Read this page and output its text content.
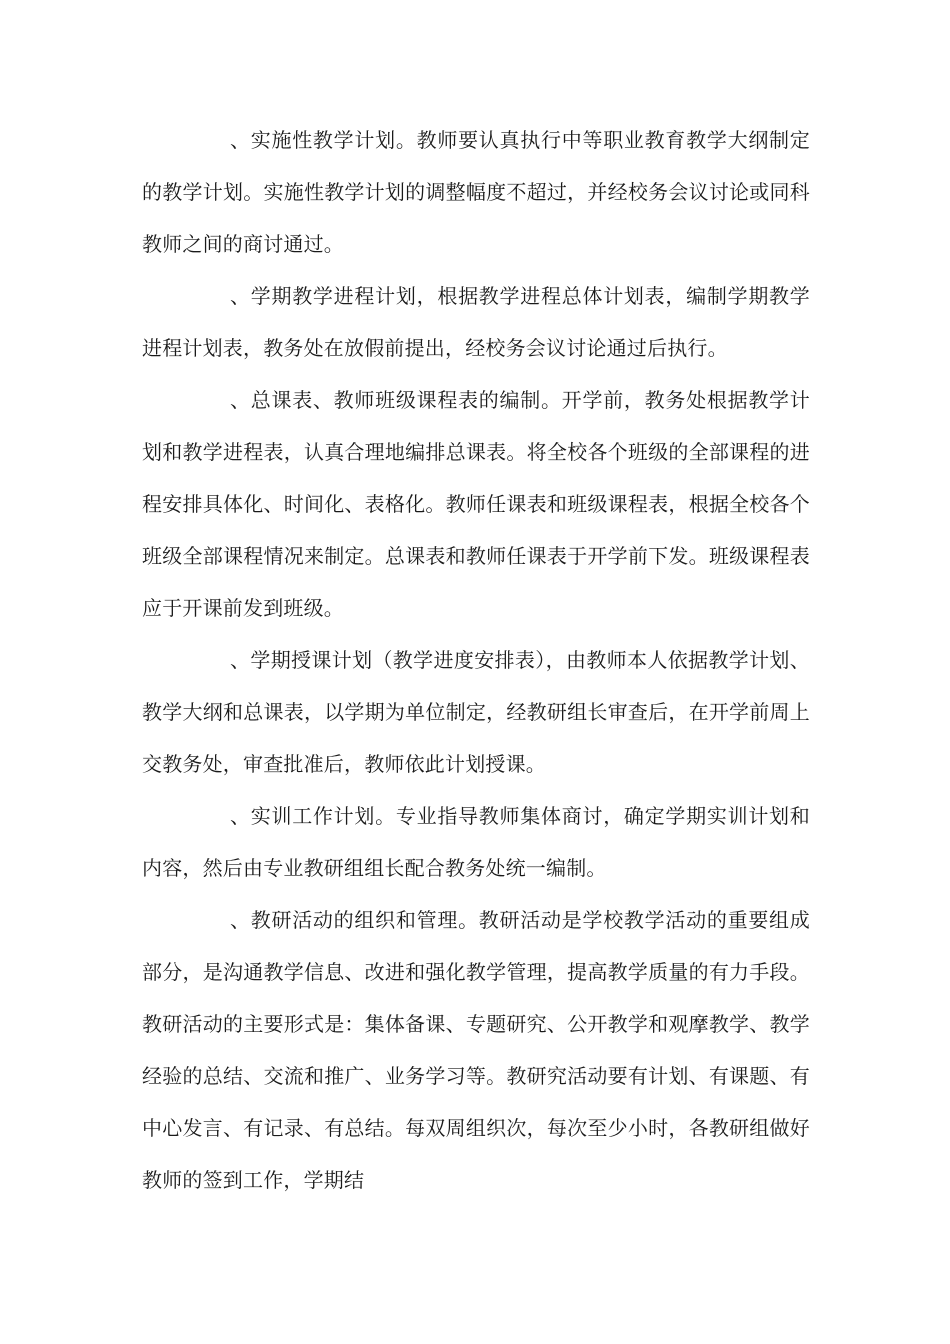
、实施性教学计划。教师要认真执行中等职业教育教学大纲制定的教学计划。实施性教学计划的调整幅度不超过，并经校务会议讨论或同科教师之间的商讨通过。

、学期教学进程计划，根据教学进程总体计划表，编制学期教学进程计划表，教务处在放假前提出，经校务会议讨论通过后执行。

、总课表、教师班级课程表的编制。开学前，教务处根据教学计划和教学进程表，认真合理地编排总课表。将全校各个班级的全部课程的进程安排具体化、时间化、表格化。教师任课表和班级课程表，根据全校各个班级全部课程情况来制定。总课表和教师任课表于开学前下发。班级课程表应于开课前发到班级。

、学期授课计划（教学进度安排表），由教师本人依据教学计划、教学大纲和总课表，以学期为单位制定，经教研组长审查后，在开学前周上交教务处，审查批准后，教师依此计划授课。

、实训工作计划。专业指导教师集体商讨，确定学期实训计划和内容，然后由专业教研组组长配合教务处统一编制。

、教研活动的组织和管理。教研活动是学校教学活动的重要组成部分，是沟通教学信息、改进和强化教学管理，提高教学质量的有力手段。教研活动的主要形式是：集体备课、专题研究、公开教学和观摩教学、教学经验的总结、交流和推广、业务学习等。教研究活动要有计划、有课题、有中心发言、有记录、有总结。每双周组织次，每次至少小时，各教研组做好教师的签到工作，学期结
